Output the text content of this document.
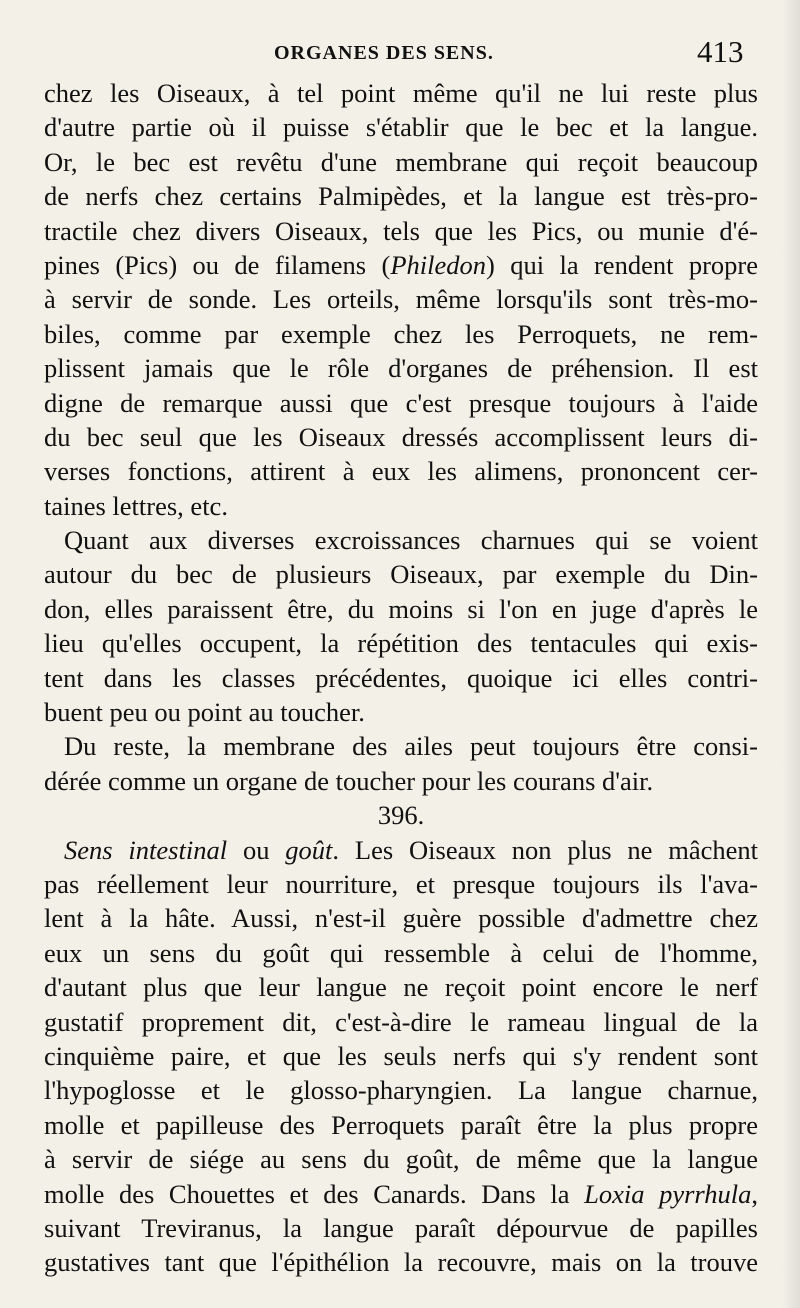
ORGANES DES SENS.	413
chez les Oiseaux, à tel point même qu'il ne lui reste plus
d'autre partie où il puisse s'établir que le bec et la langue.
Or, le bec est revêtu d'une membrane qui reçoit beaucoup
de nerfs chez certains Palmipèdes, et la langue est très-pro-
tractile chez divers Oiseaux, tels que les Pics, ou munie d'é-
pines (Pics) ou de filamens (Philedon) qui la rendent propre
à servir de sonde. Les orteils, même lorsqu'ils sont très-mo-
biles, comme par exemple chez les Perroquets, ne rem-
plissent jamais que le rôle d'organes de préhension. Il est
digne de remarque aussi que c'est presque toujours à l'aide
du bec seul que les Oiseaux dressés accomplissent leurs di-
verses fonctions, attirent à eux les alimens, prononcent cer-
taines lettres, etc.
Quant aux diverses excroissances charnues qui se voient
autour du bec de plusieurs Oiseaux, par exemple du Din-
don, elles paraissent être, du moins si l'on en juge d'après le
lieu qu'elles occupent, la répétition des tentacules qui exis-
tent dans les classes précédentes, quoique ici elles contri-
buent peu ou point au toucher.
Du reste, la membrane des ailes peut toujours être consi-
dérée comme un organe de toucher pour les courans d'air.
396.
Sens intestinal ou goût. Les Oiseaux non plus ne mâchent
pas réellement leur nourriture, et presque toujours ils l'ava-
lent à la hâte. Aussi, n'est-il guère possible d'admettre chez
eux un sens du goût qui ressemble à celui de l'homme,
d'autant plus que leur langue ne reçoit point encore le nerf
gustatif proprement dit, c'est-à-dire le rameau lingual de la
cinquième paire, et que les seuls nerfs qui s'y rendent sont
l'hypoglosse et le glosso-pharyngien. La langue charnue,
molle et papilleuse des Perroquets paraît être la plus propre
à servir de siége au sens du goût, de même que la langue
molle des Chouettes et des Canards. Dans la Loxia pyrrhula,
suivant Treviranus, la langue paraît dépourvue de papilles
gustatives tant que l'épithélion la recouvre, mais on la trouve
